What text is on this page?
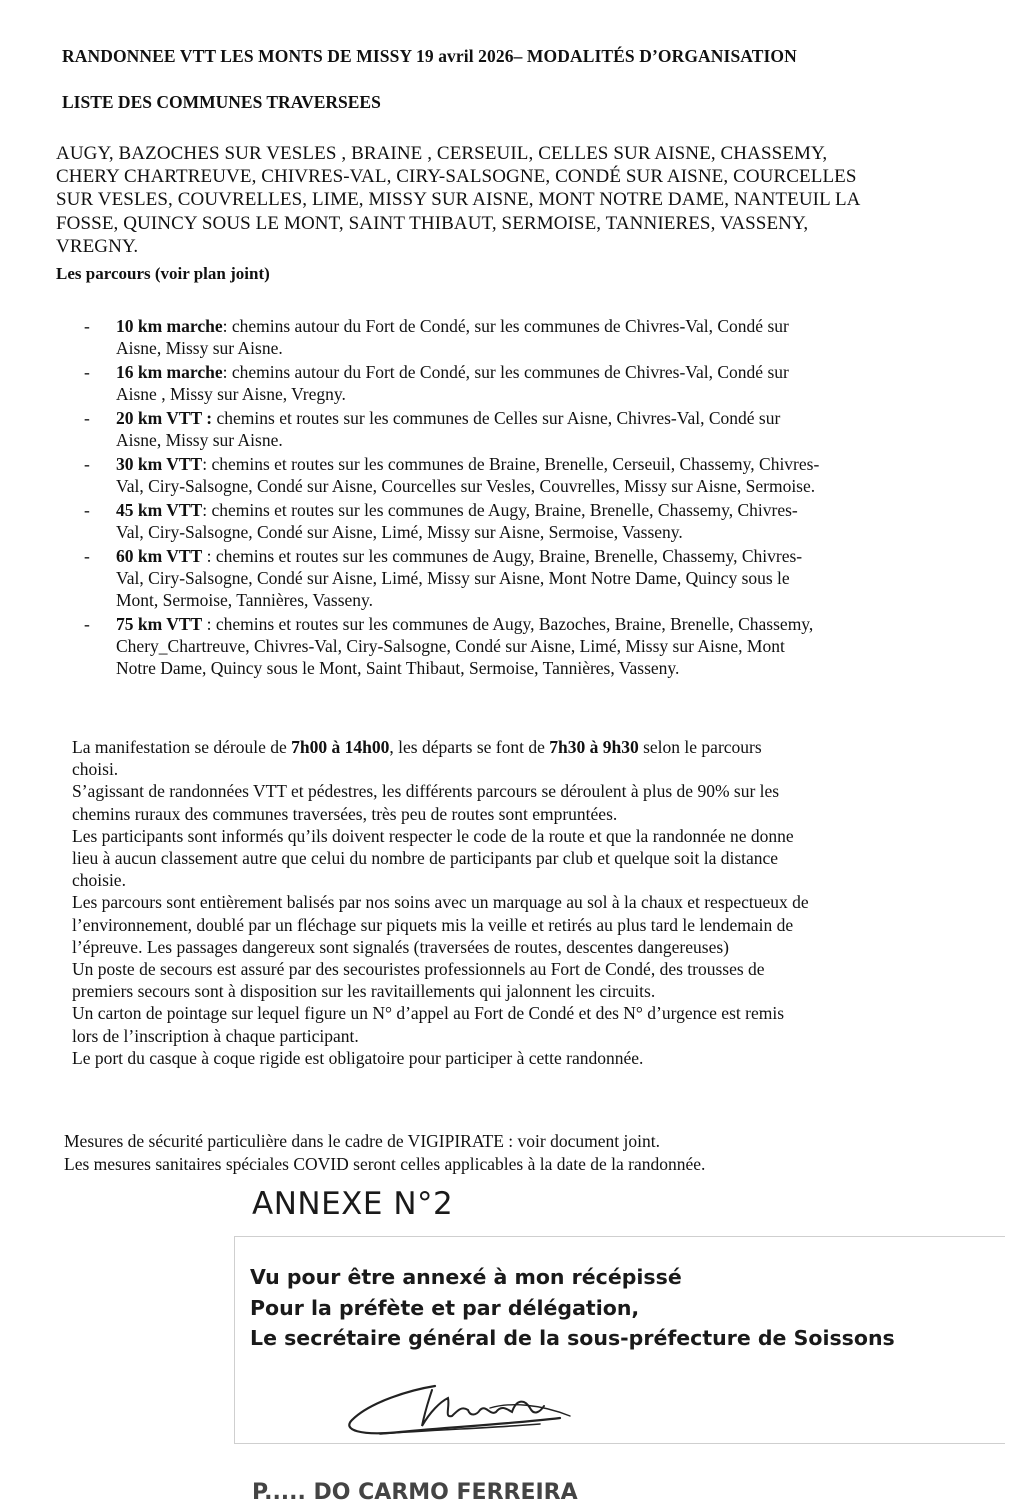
RANDONNEE VTT LES MONTS DE MISSY 19 avril 2026– MODALITÉS D’ORGANISATION
LISTE DES COMMUNES TRAVERSEES
AUGY, BAZOCHES SUR VESLES , BRAINE , CERSEUIL, CELLES SUR AISNE, CHASSEMY,
CHERY CHARTREUVE, CHIVRES-VAL, CIRY-SALSOGNE, CONDÉ SUR AISNE, COURCELLES
SUR VESLES, COUVRELLES, LIME, MISSY SUR AISNE, MONT NOTRE DAME, NANTEUIL LA
FOSSE, QUINCY SOUS LE MONT, SAINT THIBAUT, SERMOISE, TANNIERES, VASSENY,
VREGNY.
Les parcours (voir plan joint)
- 10 km marche: chemins autour du Fort de Condé, sur les communes de Chivres-Val, Condé sur
Aisne, Missy sur Aisne.
- 16 km marche: chemins autour du Fort de Condé, sur les communes de Chivres-Val, Condé sur
Aisne , Missy sur Aisne, Vregny.
- 20 km VTT : chemins et routes sur les communes de Celles sur Aisne, Chivres-Val, Condé sur
Aisne, Missy sur Aisne.
- 30 km VTT: chemins et routes sur les communes de Braine, Brenelle, Cerseuil, Chassemy, Chivres-
Val, Ciry-Salsogne, Condé sur Aisne, Courcelles sur Vesles, Couvrelles, Missy sur Aisne, Sermoise.
- 45 km VTT: chemins et routes sur les communes de Augy, Braine, Brenelle, Chassemy, Chivres-
Val, Ciry-Salsogne, Condé sur Aisne, Limé, Missy sur Aisne, Sermoise, Vasseny.
- 60 km VTT : chemins et routes sur les communes de Augy, Braine, Brenelle, Chassemy, Chivres-
Val, Ciry-Salsogne, Condé sur Aisne, Limé, Missy sur Aisne, Mont Notre Dame, Quincy sous le
Mont, Sermoise, Tannières, Vasseny.
- 75 km VTT : chemins et routes sur les communes de Augy, Bazoches, Braine, Brenelle, Chassemy,
Chery_Chartreuve, Chivres-Val, Ciry-Salsogne, Condé sur Aisne, Limé, Missy sur Aisne, Mont
Notre Dame, Quincy sous le Mont, Saint Thibaut, Sermoise, Tannières, Vasseny.

La manifestation se déroule de 7h00 à 14h00, les départs se font de 7h30 à 9h30 selon le parcours

choisi.

S’agissant de randonnées VTT et pédestres, les différents parcours se déroulent à plus de 90% sur les

chemins ruraux des communes traversées, très peu de routes sont empruntées.

Les participants sont informés qu’ils doivent respecter le code de la route et que la randonnée ne donne

lieu à aucun classement autre que celui du nombre de participants par club et quelque soit la distance

choisie.

Les parcours sont entièrement balisés par nos soins avec un marquage au sol à la chaux et respectueux de

l’environnement, doublé par un fléchage sur piquets mis la veille et retirés au plus tard le lendemain de

l’épreuve. Les passages dangereux sont signalés (traversées de routes, descentes dangereuses)

Un poste de secours est assuré par des secouristes professionnels au Fort de Condé, des trousses de

premiers secours sont à disposition sur les ravitaillements qui jalonnent les circuits.

Un carton de pointage sur lequel figure un N° d’appel au Fort de Condé et des N° d’urgence est remis

lors de l’inscription à chaque participant.

Le port du casque à coque rigide est obligatoire pour participer à cette randonnée.

Mesures de sécurité particulière dans le cadre de VIGIPIRATE : voir document joint.

Les mesures sanitaires spéciales COVID seront celles applicables à la date de la randonnée.

ANNEXE N°2
Vu pour être annexé à mon récépissé
Pour la préfète et par délégation,
Le secrétaire général de la sous-préfecture de Soissons
P..... DO CARMO FERREIRA
